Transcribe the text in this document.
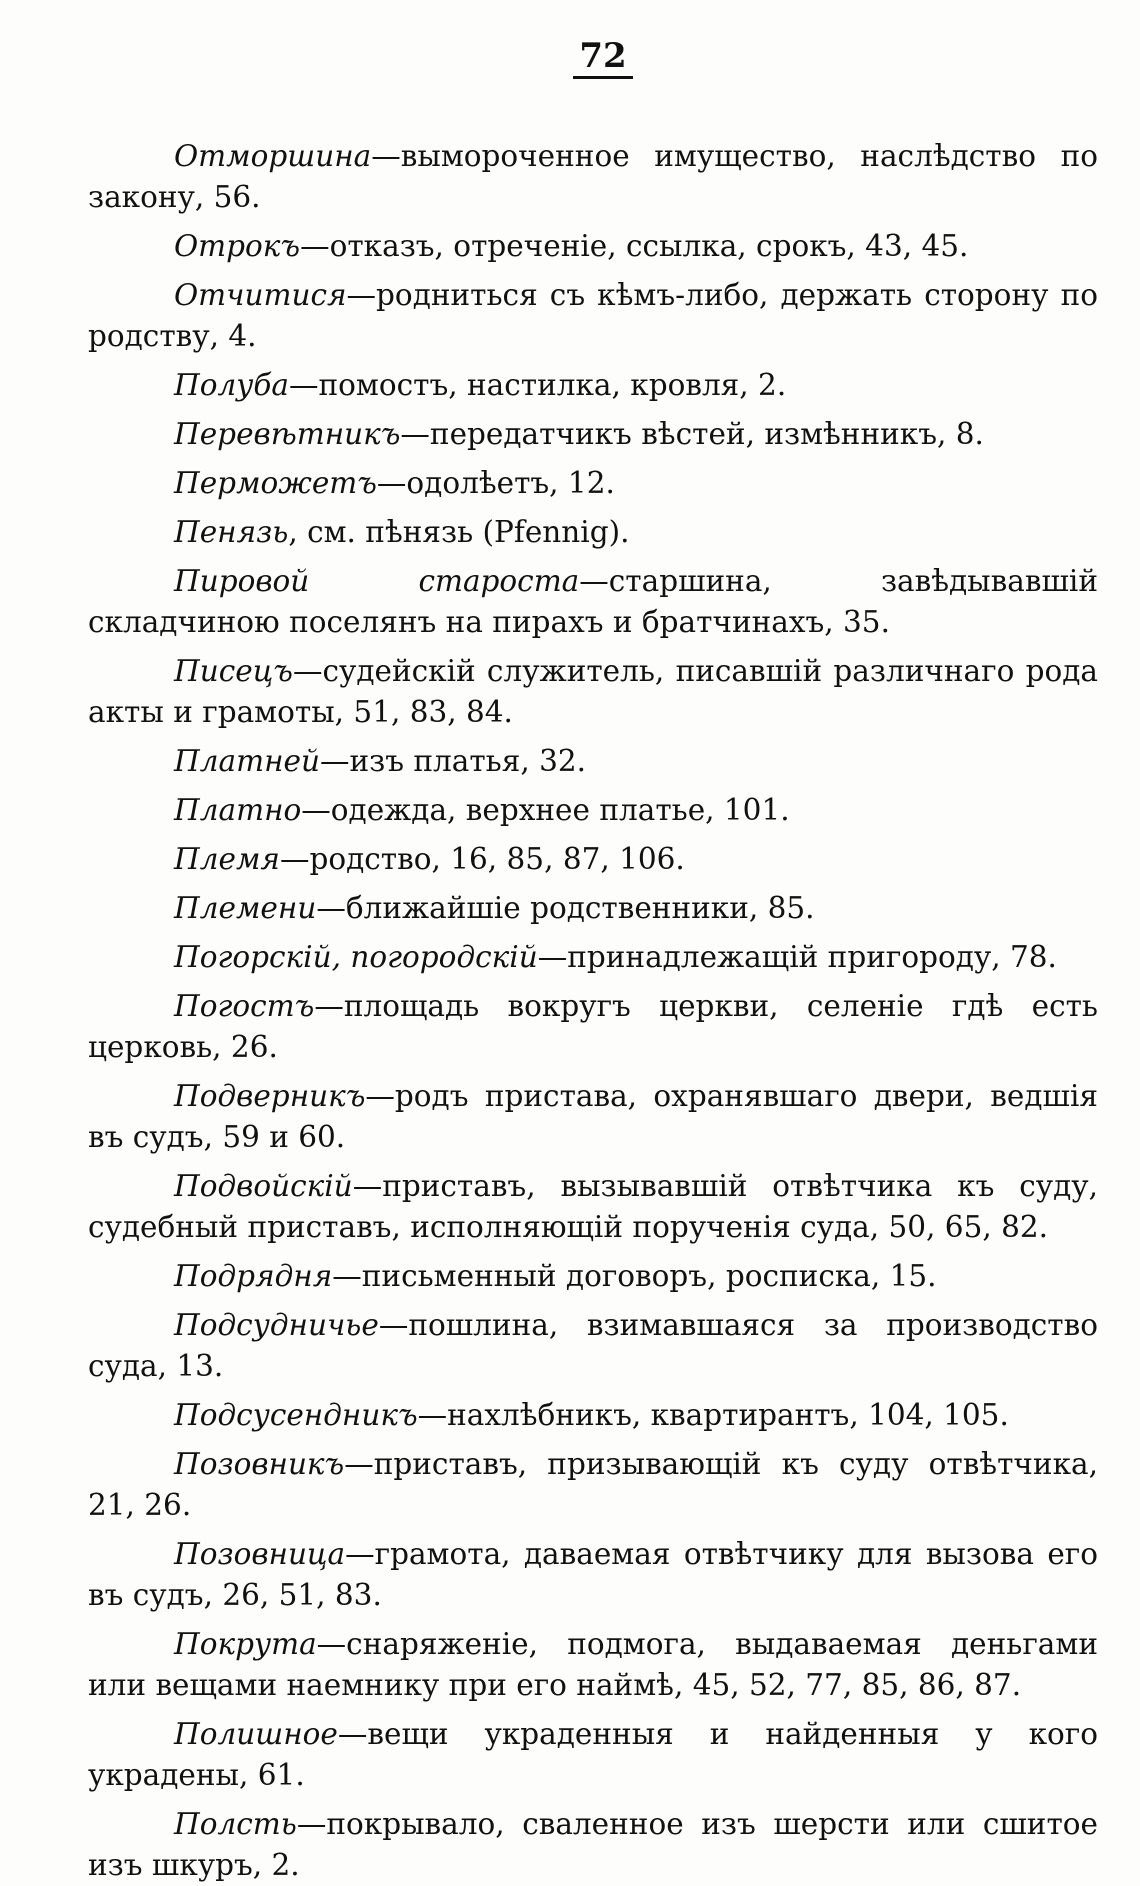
72

Отморшина—вымороченное имущество, наслѣдство по закону, 56.

Отрокъ—отказъ, отреченіе, ссылка, срокъ, 43, 45.

Отчитися—родниться съ кѣмъ-либо, держать сторону по родству, 4.

Полуба—помостъ, настилка, кровля, 2.

Перевѣтникъ—передатчикъ вѣстей, измѣнникъ, 8.

Перможетъ—одолѣетъ, 12.

Пенязь, см. пѣнязь (Pfennig).

Пировой староста—старшина, завѣдывавшій складчиною поселянъ на пирахъ и братчинахъ, 35.

Писецъ—судейскій служитель, писавшій различнаго рода акты и грамоты, 51, 83, 84.

Платней—изъ платья, 32.

Платно—одежда, верхнее платье, 101.

Племя—родство, 16, 85, 87, 106.

Племени—ближайшіе родственники, 85.

Погорскій, погородскій—принадлежащій пригороду, 78.

Погостъ—площадь вокругъ церкви, селеніе гдѣ есть церковь, 26.

Подверникъ—родъ пристава, охранявшаго двери, ведшія въ судъ, 59 и 60.

Подвойскій—приставъ, вызывавшій отвѣтчика къ суду, судебный приставъ, исполняющій порученія суда, 50, 65, 82.

Подрядня—письменный договоръ, росписка, 15.

Подсудничье—пошлина, взимавшаяся за производство суда, 13.

Подсусендникъ—нахлѣбникъ, квартирантъ, 104, 105.

Позовникъ—приставъ, призывающій къ суду отвѣтчика, 21, 26.

Позовница—грамота, даваемая отвѣтчику для вызова его въ судъ, 26, 51, 83.

Покрута—снаряженіе, подмога, выдаваемая деньгами или вещами наемнику при его наймѣ, 45, 52, 77, 85, 86, 87.

Полишное—вещи украденныя и найденныя у кого украдены, 61.

Полсть—покрывало, сваленное изъ шерсти или сшитое изъ шкуръ, 2.
